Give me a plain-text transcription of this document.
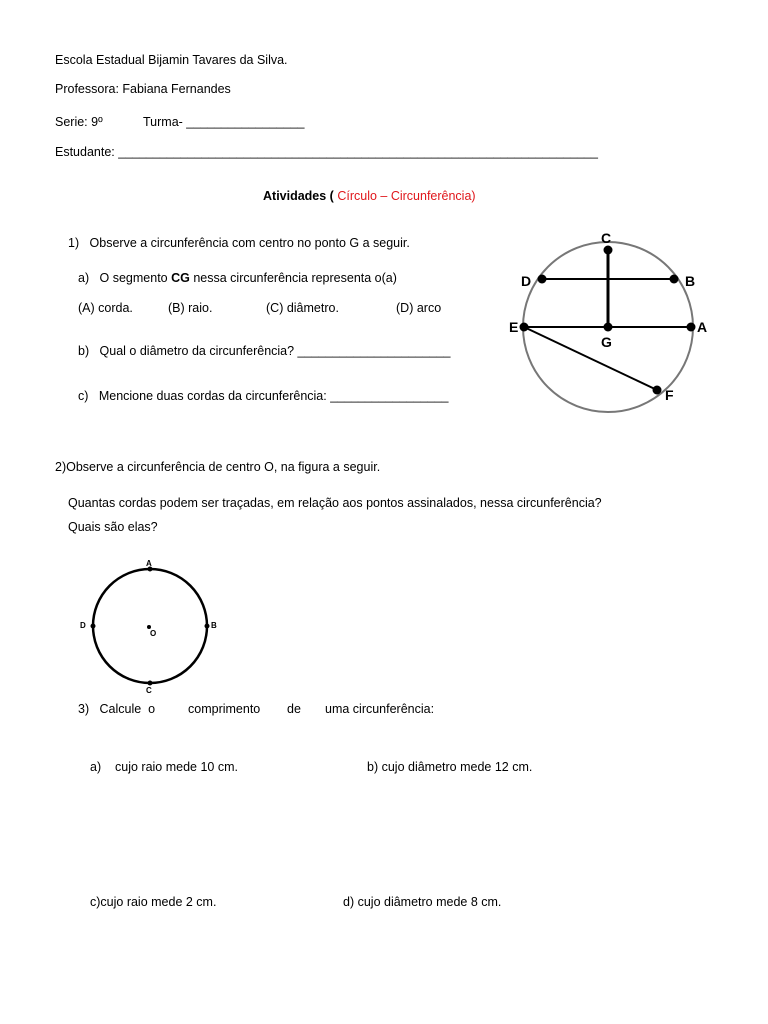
Escola Estadual Bijamin Tavares da Silva.
Professora: Fabiana Fernandes
Serie: 9º	Turma- _________________
Estudante: _____________________________________________________________________
Atividades ( Círculo – Circunferência)
1)   Observe a circunferência com centro no ponto G a seguir.
a)   O segmento CG nessa circunferência representa o(a)
(A) corda.	(B) raio.	(C) diâmetro.	(D) arco
b)   Qual o diâmetro da circunferência? ______________________
c)   Mencione duas cordas da circunferência: _________________
C
D	B
E	A
G
F
2)Observe a circunferência de centro O, na figura a seguir.
Quantas cordas podem ser traçadas, em relação aos pontos assinalados, nessa circunferência?
Quais são elas?
A
B
C
D
O
3)   Calcule  o	comprimento de uma circunferência:
a)    cujo raio mede 10 cm.	b) cujo diâmetro mede 12 cm.
c)cujo raio mede 2 cm.	d) cujo diâmetro mede 8 cm.
